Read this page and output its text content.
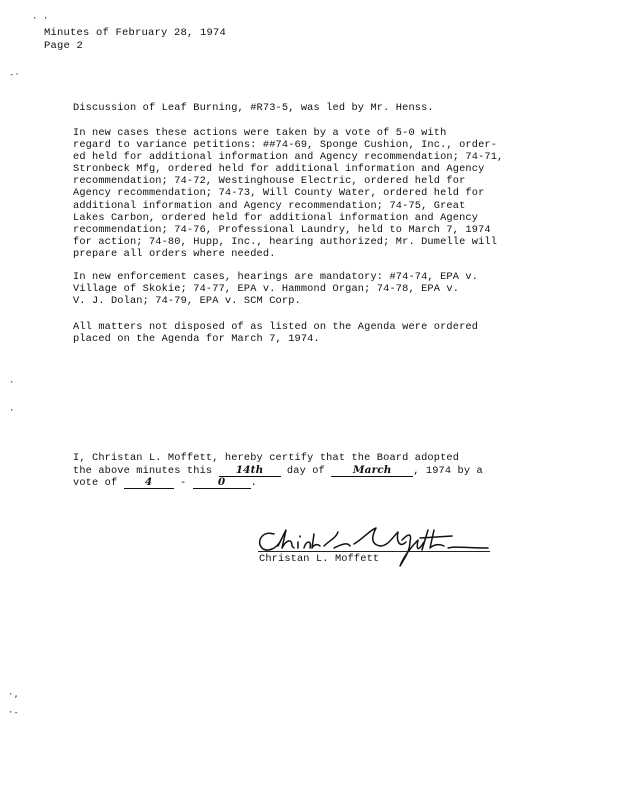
Minutes of February 28, 1974
Page 2
· ·
-·
·
·
·,
·-
Discussion of Leaf Burning, #R73-5, was led by Mr. Henss.
In new cases these actions were taken by a vote of 5-0 with
regard to variance petitions: ##74-69, Sponge Cushion, Inc., order-
ed held for additional information and Agency recommendation; 74-71,
Stronbeck Mfg, ordered held for additional information and Agency
recommendation; 74-72, Westinghouse Electric, ordered held for
Agency recommendation; 74-73, Will County Water, ordered held for
additional information and Agency recommendation; 74-75, Great
Lakes Carbon, ordered held for additional information and Agency
recommendation; 74-76, Professional Laundry, held to March 7, 1974
for action; 74-80, Hupp, Inc., hearing authorized; Mr. Dumelle will
prepare all orders where needed.
In new enforcement cases, hearings are mandatory: #74-74, EPA v.
Village of Skokie; 74-77, EPA v. Hammond Organ; 74-78, EPA v.
V. J. Dolan; 74-79, EPA v. SCM Corp.
All matters not disposed of as listed on the Agenda were ordered
placed on the Agenda for March 7, 1974.
I, Christan L. Moffett, hereby certify that the Board adopted
the above minutes this 14th day of March , 1974 by a
vote of 4 - 0 .
Christan L. Moffett
